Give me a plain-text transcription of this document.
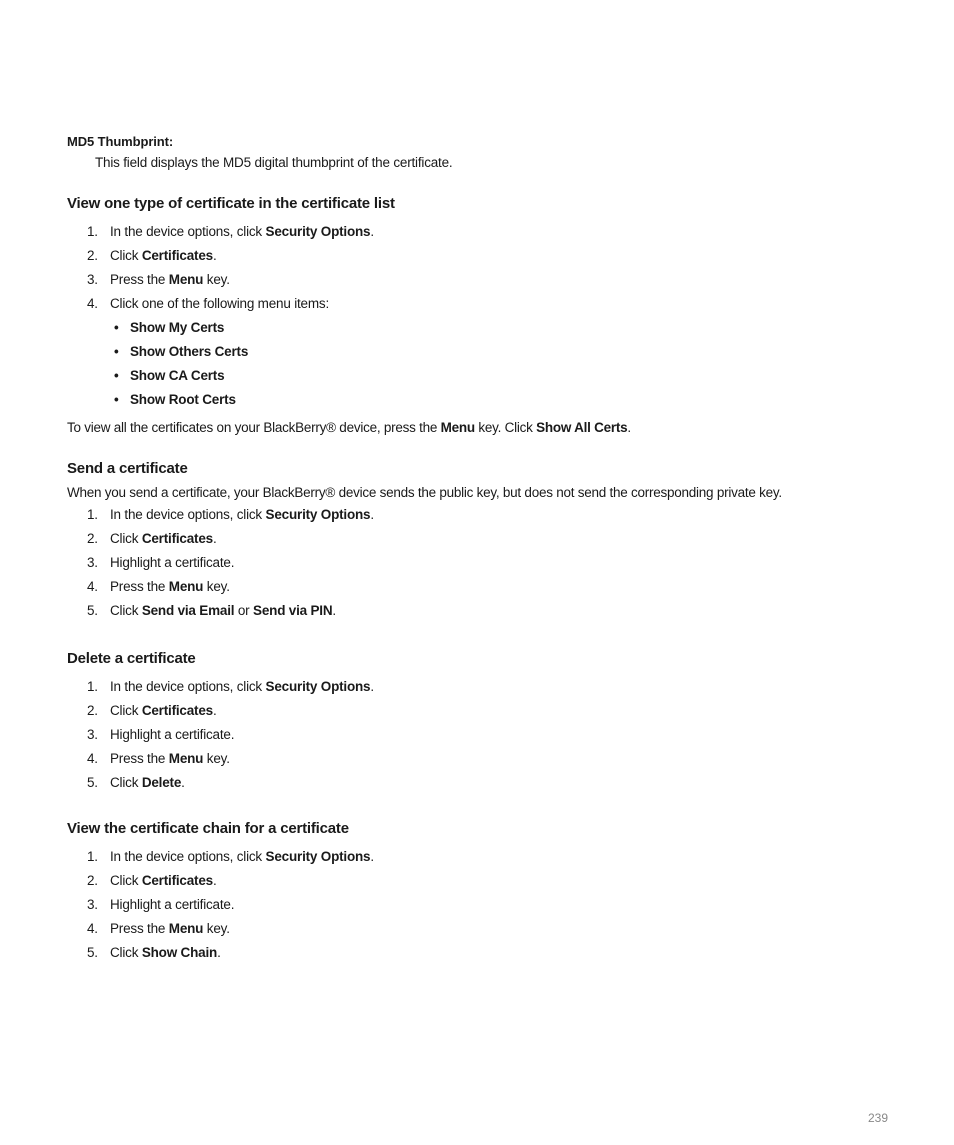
MD5 Thumbprint:
This field displays the MD5 digital thumbprint of the certificate.
View one type of certificate in the certificate list
1. In the device options, click Security Options.
2. Click Certificates.
3. Press the Menu key.
4. Click one of the following menu items:
• Show My Certs
• Show Others Certs
• Show CA Certs
• Show Root Certs

To view all the certificates on your BlackBerry® device, press the Menu key. Click Show All Certs.

Send a certificate

When you send a certificate, your BlackBerry® device sends the public key, but does not send the corresponding private key.

1. In the device options, click Security Options.
2. Click Certificates.
3. Highlight a certificate.
4. Press the Menu key.
5. Click Send via Email or Send via PIN.
Delete a certificate
1. In the device options, click Security Options.
2. Click Certificates.
3. Highlight a certificate.
4. Press the Menu key.
5. Click Delete.
View the certificate chain for a certificate
1. In the device options, click Security Options.
2. Click Certificates.
3. Highlight a certificate.
4. Press the Menu key.
5. Click Show Chain.
239
